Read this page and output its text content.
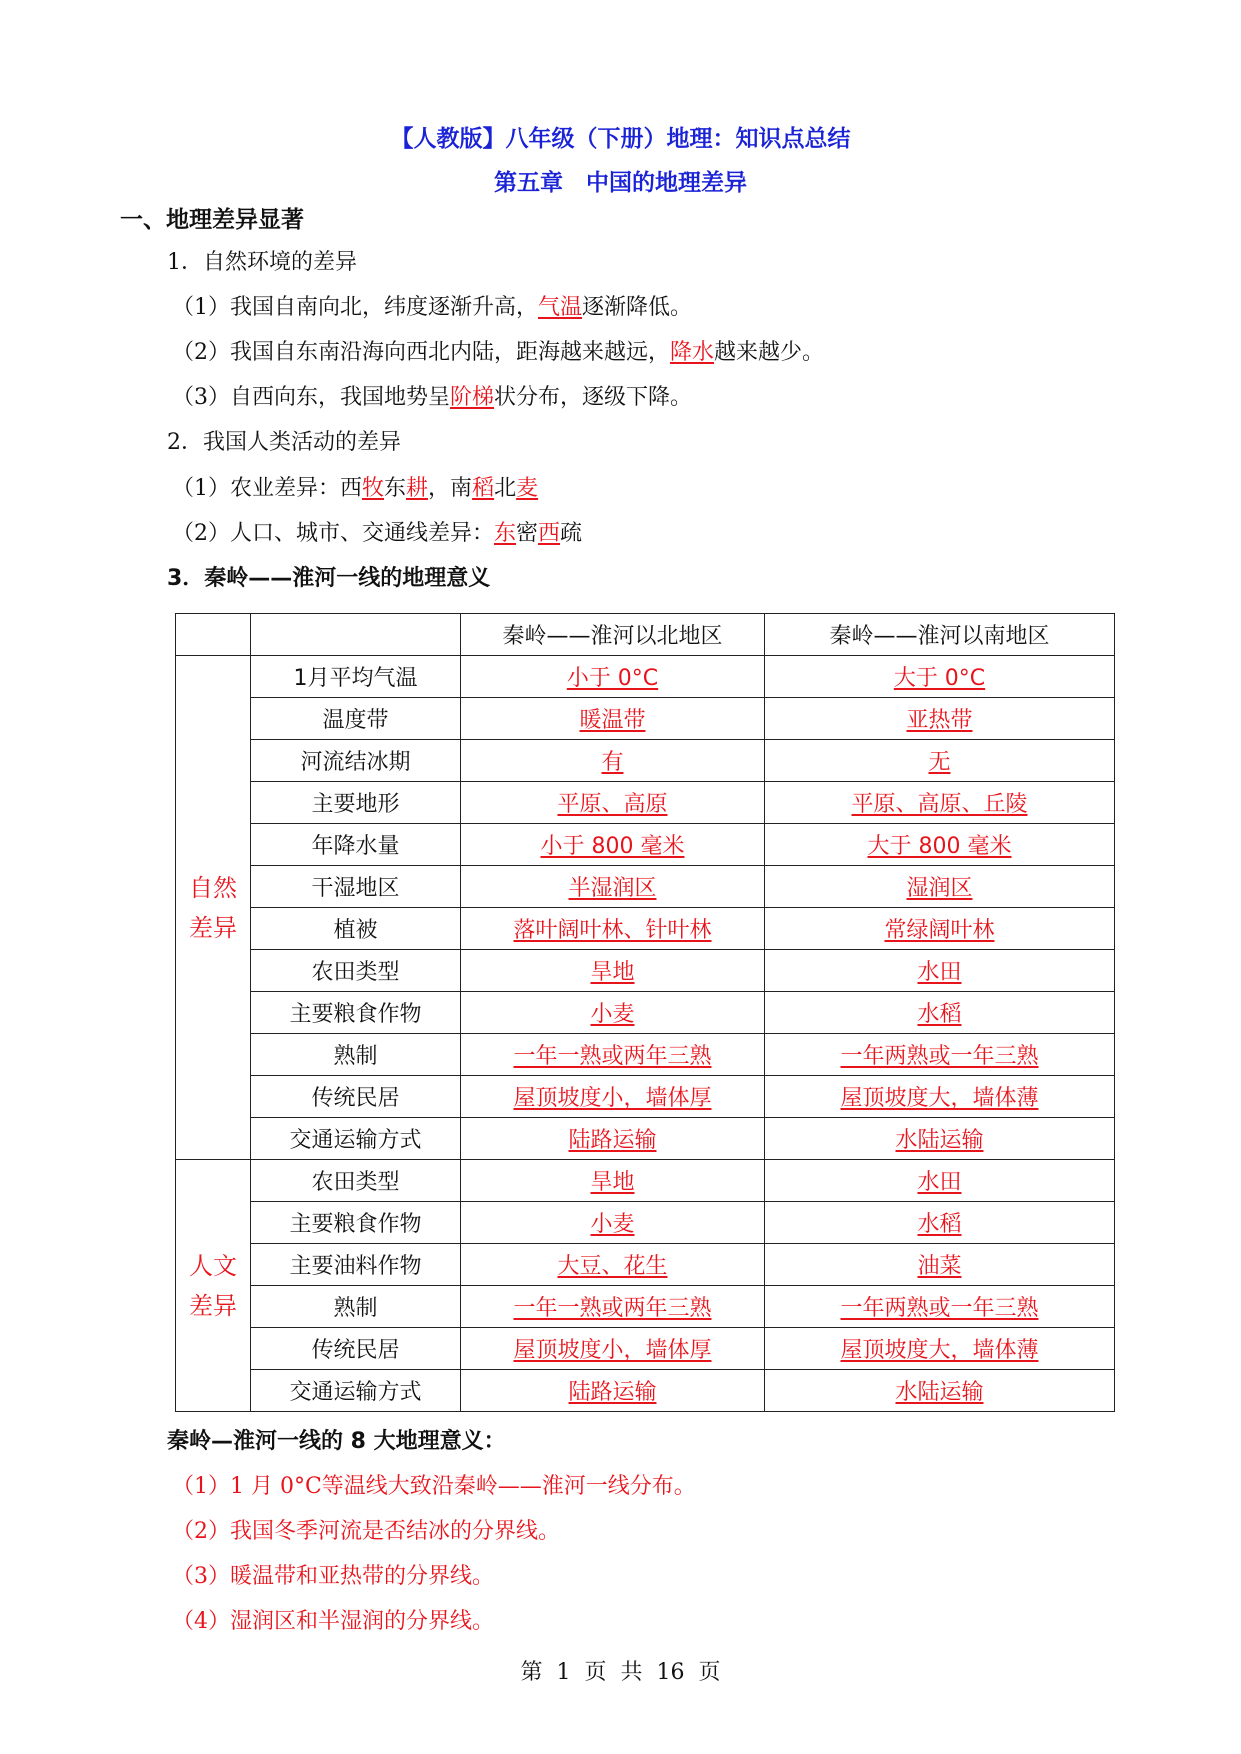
【人教版】八年级（下册）地理：知识点总结
第五章　中国的地理差异
一、地理差异显著
1．自然环境的差异
（1）我国自南向北，纬度逐渐升高，气温逐渐降低。
（2）我国自东南沿海向西北内陆，距海越来越远，降水越来越少。
（3）自西向东，我国地势呈阶梯状分布，逐级下降。
2．我国人类活动的差异
（1）农业差异：西牧东耕，南稻北麦
（2）人口、城市、交通线差异：东密西疏
3．秦岭——淮河一线的地理意义
		秦岭——淮河以北地区	秦岭——淮河以南地区
自然
差异	1月平均气温	小于 0°C	大于 0°C
	温度带	暖温带	亚热带
	河流结冰期	有	无
	主要地形	平原、高原	平原、高原、丘陵
	年降水量	小于 800 毫米	大于 800 毫米
	干湿地区	半湿润区	湿润区
	植被	落叶阔叶林、针叶林	常绿阔叶林
	农田类型	旱地	水田
	主要粮食作物	小麦	水稻
	熟制	一年一熟或两年三熟	一年两熟或一年三熟
	传统民居	屋顶坡度小，墙体厚	屋顶坡度大，墙体薄
	交通运输方式	陆路运输	水陆运输
人文
差异	农田类型	旱地	水田
	主要粮食作物	小麦	水稻
	主要油料作物	大豆、花生	油菜
	熟制	一年一熟或两年三熟	一年两熟或一年三熟
	传统民居	屋顶坡度小，墙体厚	屋顶坡度大，墙体薄
	交通运输方式	陆路运输	水陆运输
秦岭—淮河一线的 8 大地理意义：
（1）1 月 0°C等温线大致沿秦岭——淮河一线分布。
（2）我国冬季河流是否结冰的分界线。
（3）暖温带和亚热带的分界线。
（4）湿润区和半湿润的分界线。
第  1  页  共  16  页
